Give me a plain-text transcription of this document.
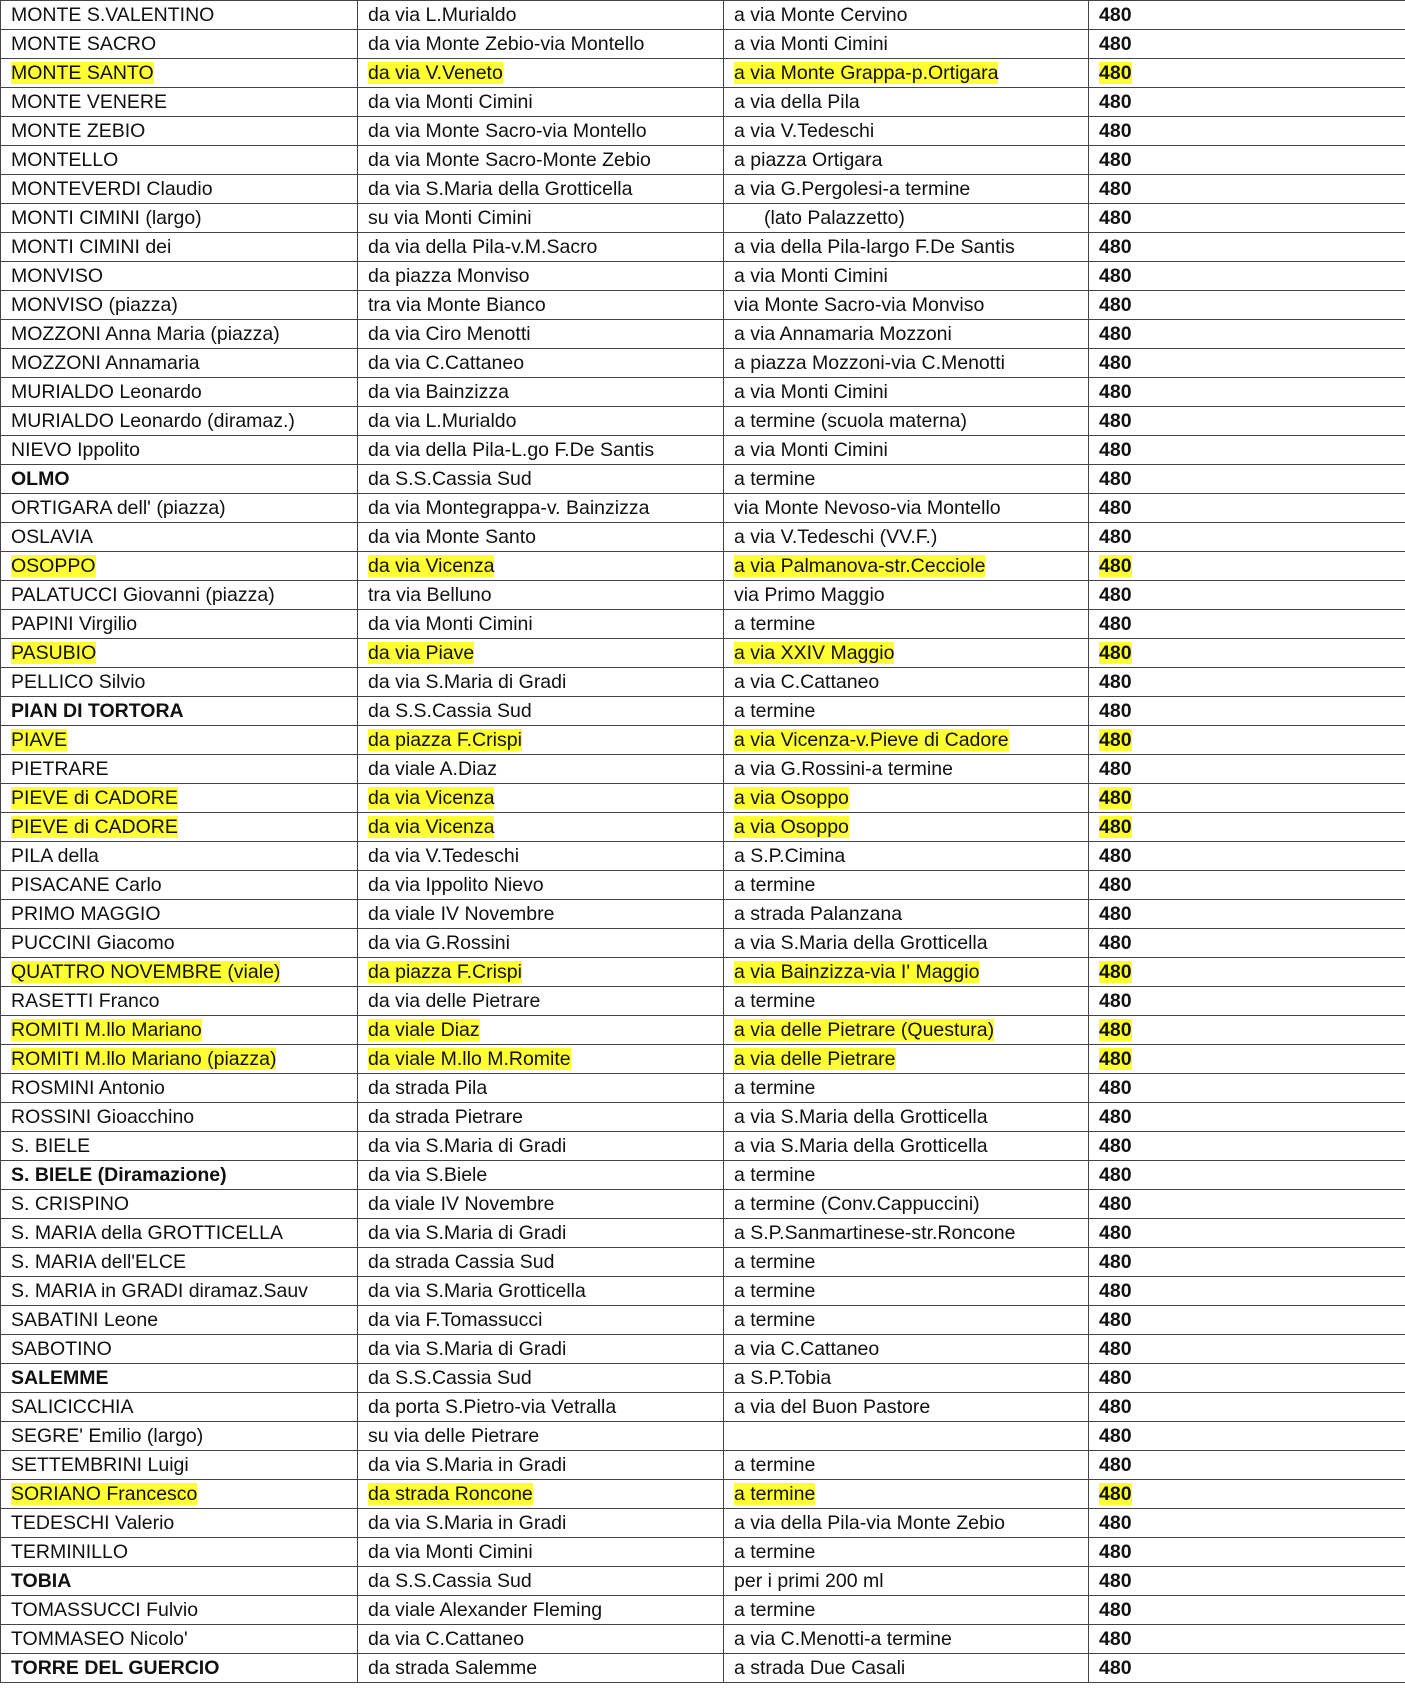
MONTE S.VALENTINO	da via L.Murialdo	a via Monte Cervino	480
MONTE SACRO	da via Monte Zebio-via Montello	a via Monti Cimini	480
MONTE SANTO	da via V.Veneto	a via Monte Grappa-p.Ortigara	480
MONTE VENERE	da via Monti Cimini	a via della Pila	480
MONTE ZEBIO	da via Monte Sacro-via Montello	a via V.Tedeschi	480
MONTELLO	da via Monte Sacro-Monte Zebio	a piazza Ortigara	480
MONTEVERDI Claudio	da via S.Maria della Grotticella	a via G.Pergolesi-a termine	480
MONTI CIMINI (largo)	su via Monti Cimini	(lato Palazzetto)	480
MONTI CIMINI dei	da via della Pila-v.M.Sacro	a via della Pila-largo F.De Santis	480
MONVISO	da piazza Monviso	a via Monti Cimini	480
MONVISO (piazza)	tra via Monte Bianco	via Monte Sacro-via Monviso	480
MOZZONI Anna Maria (piazza)	da via Ciro Menotti	a via Annamaria Mozzoni	480
MOZZONI Annamaria	da via C.Cattaneo	a piazza Mozzoni-via C.Menotti	480
MURIALDO Leonardo	da via Bainzizza	a via Monti Cimini	480
MURIALDO Leonardo (diramaz.)	da via L.Murialdo	a termine (scuola materna)	480
NIEVO Ippolito	da via della Pila-L.go F.De Santis	a via Monti Cimini	480
OLMO	da S.S.Cassia Sud	a termine	480
ORTIGARA dell' (piazza)	da via Montegrappa-v. Bainzizza	via Monte Nevoso-via Montello	480
OSLAVIA	da via Monte Santo	a via V.Tedeschi (VV.F.)	480
OSOPPO	da via Vicenza	a via Palmanova-str.Cecciole	480
PALATUCCI Giovanni (piazza)	tra via Belluno	via Primo Maggio	480
PAPINI Virgilio	da via Monti Cimini	a termine	480
PASUBIO	da via Piave	a via XXIV Maggio	480
PELLICO Silvio	da via S.Maria di Gradi	a via C.Cattaneo	480
PIAN DI TORTORA	da S.S.Cassia Sud	a termine	480
PIAVE	da piazza F.Crispi	a via Vicenza-v.Pieve di Cadore	480
PIETRARE	da viale A.Diaz	a via G.Rossini-a termine	480
PIEVE di CADORE	da via Vicenza	a via Osoppo	480
PIEVE di CADORE	da via Vicenza	a via Osoppo	480
PILA della	da via V.Tedeschi	a S.P.Cimina	480
PISACANE Carlo	da via Ippolito Nievo	a termine	480
PRIMO MAGGIO	da viale IV Novembre	a strada Palanzana	480
PUCCINI Giacomo	da via G.Rossini	a via S.Maria della Grotticella	480
QUATTRO NOVEMBRE (viale)	da piazza F.Crispi	a via Bainzizza-via I' Maggio	480
RASETTI Franco	da via delle Pietrare	a termine	480
ROMITI M.llo Mariano	da viale Diaz	a via delle Pietrare (Questura)	480
ROMITI M.llo Mariano (piazza)	da viale M.llo M.Romite	a via delle Pietrare	480
ROSMINI Antonio	da strada Pila	a termine	480
ROSSINI Gioacchino	da strada Pietrare	a via S.Maria della Grotticella	480
S. BIELE	da via S.Maria di Gradi	a via S.Maria della Grotticella	480
S. BIELE (Diramazione)	da via S.Biele	a termine	480
S. CRISPINO	da viale IV Novembre	a termine (Conv.Cappuccini)	480
S. MARIA della GROTTICELLA	da via S.Maria di Gradi	a S.P.Sanmartinese-str.Roncone	480
S. MARIA dell'ELCE	da strada Cassia Sud	a termine	480
S. MARIA in GRADI diramaz.Sauv	da via S.Maria Grotticella	a termine	480
SABATINI Leone	da via F.Tomassucci	a termine	480
SABOTINO	da via S.Maria di Gradi	a via C.Cattaneo	480
SALEMME	da S.S.Cassia Sud	a S.P.Tobia	480
SALICICCHIA	da porta S.Pietro-via Vetralla	a via del Buon Pastore	480
SEGRE' Emilio (largo)	su via delle Pietrare		480
SETTEMBRINI Luigi	da via S.Maria in Gradi	a termine	480
SORIANO Francesco	da strada Roncone	a termine	480
TEDESCHI Valerio	da via S.Maria in Gradi	a via della Pila-via Monte Zebio	480
TERMINILLO	da via Monti Cimini	a termine	480
TOBIA	da S.S.Cassia Sud	per i primi 200 ml	480
TOMASSUCCI Fulvio	da viale Alexander Fleming	a termine	480
TOMMASEO Nicolo'	da via C.Cattaneo	a via C.Menotti-a termine	480
TORRE DEL GUERCIO	da strada Salemme	a strada Due Casali	480
